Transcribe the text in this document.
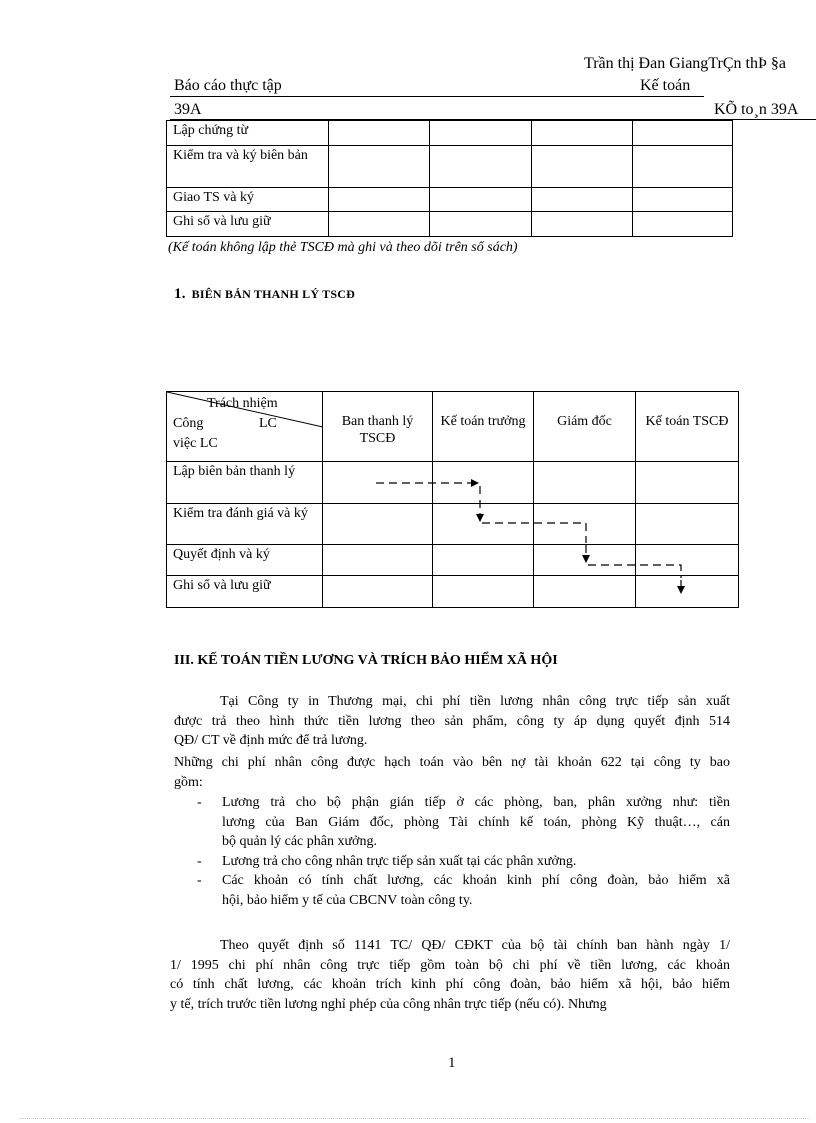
Trần thị Đan GiangTrÇn thÞ §a
Báo cáo thực tập	Kế toán
39A	KÕ to¸n 39A
Lập chứng từ				
Kiểm tra và ký biên bản				
Giao TS và ký				
Ghi sổ và lưu giữ				
(Kế toán không lập thẻ TSCĐ mà ghi và theo dõi trên sổ sách)
1. BIÊN BẢN THANH LÝ TSCĐ
Trách nhiệm
Công LC
việc LC	Ban thanh lý TSCĐ	Kế toán trưởng	Giám đốc	Kế toán TSCĐ
Lập biên bản thanh lý				
Kiểm tra đánh giá và ký				
Quyết định và ký				
Ghi sổ và lưu giữ				
III. KẾ TOÁN TIỀN LƯƠNG VÀ TRÍCH BẢO HIỂM XÃ HỘI
Tại Công ty in Thương mại, chi phí tiền lương nhân công trực tiếp sản xuất
được trả theo hình thức tiền lương theo sản phẩm, công ty áp dụng quyết định 514
QĐ/ CT về định mức để trả lương.
Những chi phí nhân công được hạch toán vào bên nợ tài khoản 622 tại công ty bao
gồm:
- Lương trả cho bộ phận gián tiếp ở các phòng, ban, phân xưởng như: tiền
lương của Ban Giám đốc, phòng Tài chính kế toán, phòng Kỹ thuật…, cán
bộ quản lý các phân xưởng.
- Lương trả cho công nhân trực tiếp sản xuất tại các phân xưởng.
- Các khoản có tính chất lương, các khoản kinh phí công đoàn, bảo hiểm xã
hội, bảo hiểm y tế của CBCNV toàn công ty.
Theo quyết định số 1141 TC/ QĐ/ CĐKT của bộ tài chính ban hành ngày 1/
1/ 1995 chi phí nhân công trực tiếp gồm toàn bộ chi phí về tiền lương, các khoản
có tính chất lương, các khoản trích kinh phí công đoàn, bảo hiểm xã hội, bảo hiểm
y tế, trích trước tiền lương nghỉ phép của công nhân trực tiếp (nếu có). Nhưng
1
